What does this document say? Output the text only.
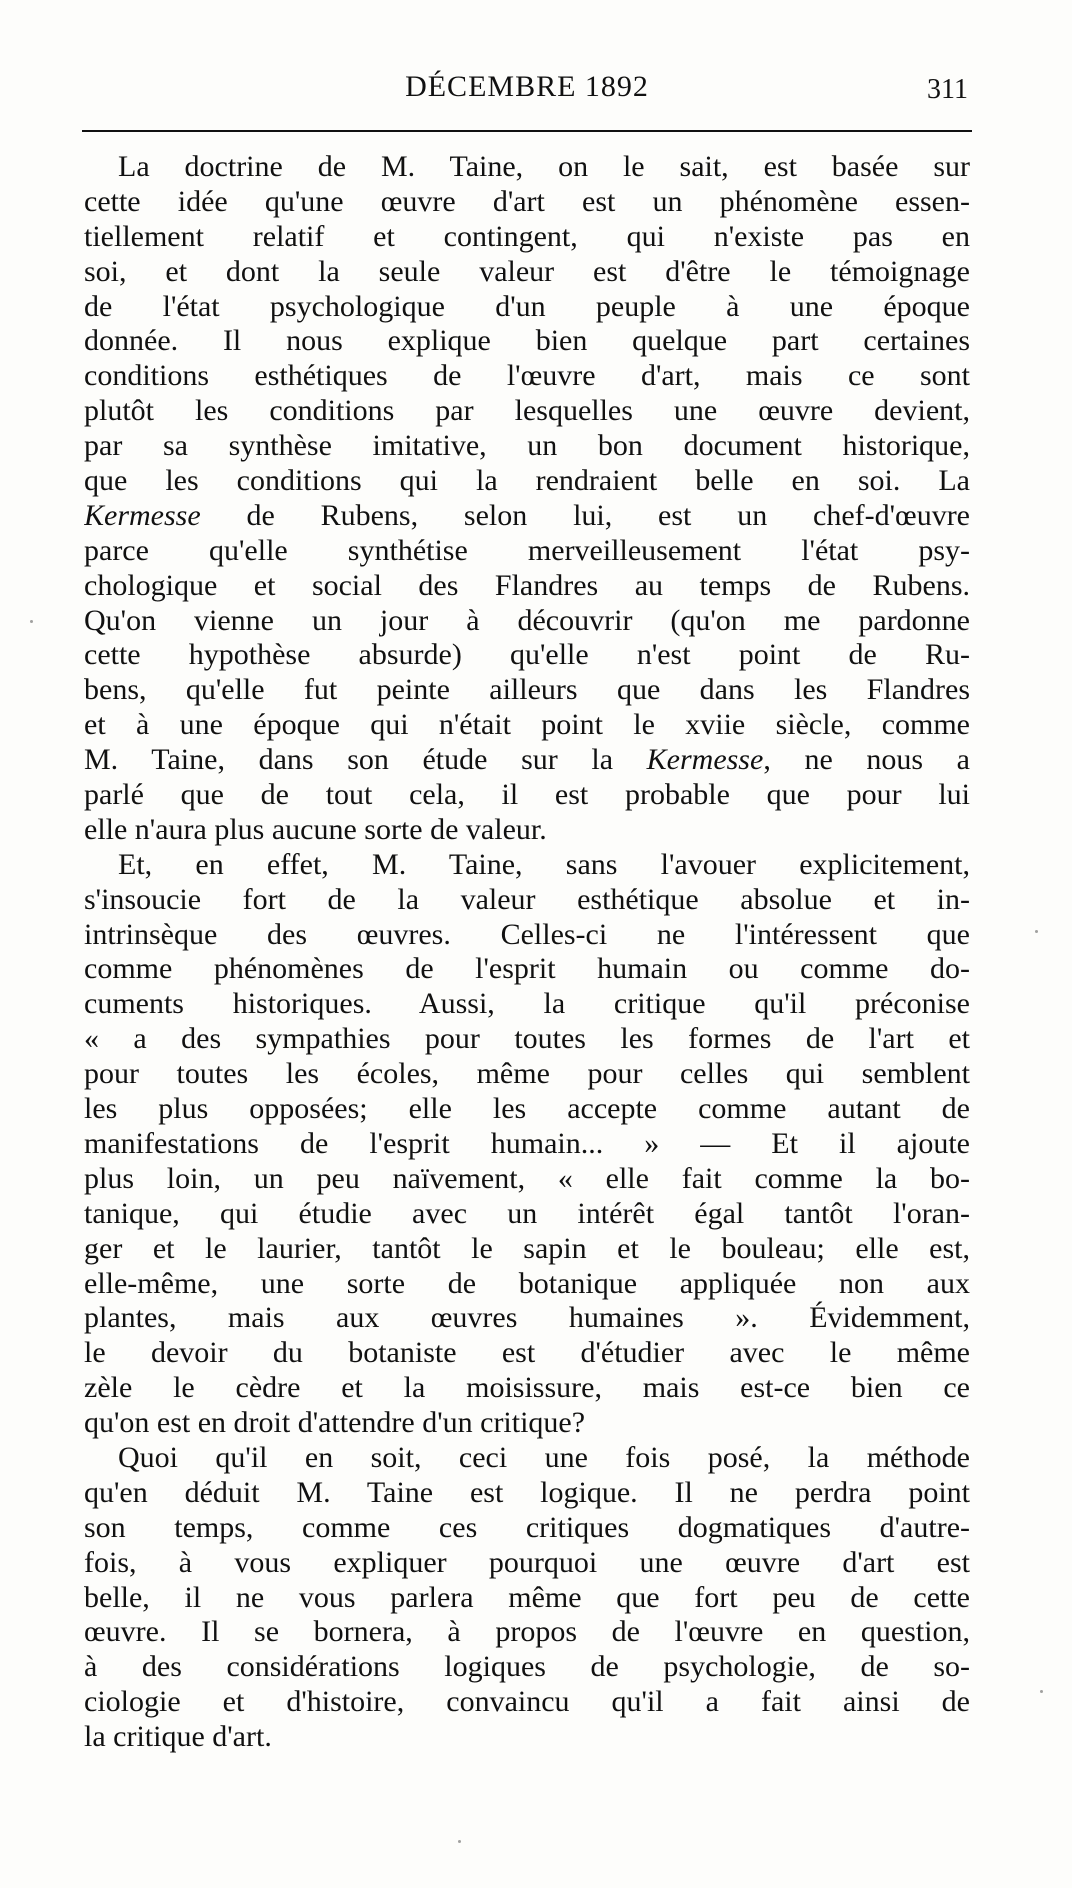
DÉCEMBRE 1892	311
La doctrine de M. Taine, on le sait, est basée sur
cette idée qu'une œuvre d'art est un phénomène essen-
tiellement relatif et contingent, qui n'existe pas en
soi, et dont la seule valeur est d'être le témoignage
de l'état psychologique d'un peuple à une époque
donnée. Il nous explique bien quelque part certaines
conditions esthétiques de l'œuvre d'art, mais ce sont
plutôt les conditions par lesquelles une œuvre devient,
par sa synthèse imitative, un bon document historique,
que les conditions qui la rendraient belle en soi. La
Kermesse de Rubens, selon lui, est un chef-d'œuvre
parce qu'elle synthétise merveilleusement l'état psy-
chologique et social des Flandres au temps de Rubens.
Qu'on vienne un jour à découvrir (qu'on me pardonne
cette hypothèse absurde) qu'elle n'est point de Ru-
bens, qu'elle fut peinte ailleurs que dans les Flandres
et à une époque qui n'était point le xviie siècle, comme
M. Taine, dans son étude sur la Kermesse, ne nous a
parlé que de tout cela, il est probable que pour lui
elle n'aura plus aucune sorte de valeur.
Et, en effet, M. Taine, sans l'avouer explicitement,
s'insoucie fort de la valeur esthétique absolue et in-
intrinsèque des œuvres. Celles-ci ne l'intéressent que
comme phénomènes de l'esprit humain ou comme do-
cuments historiques. Aussi, la critique qu'il préconise
« a des sympathies pour toutes les formes de l'art et
pour toutes les écoles, même pour celles qui semblent
les plus opposées; elle les accepte comme autant de
manifestations de l'esprit humain... » — Et il ajoute
plus loin, un peu naïvement, « elle fait comme la bo-
tanique, qui étudie avec un intérêt égal tantôt l'oran-
ger et le laurier, tantôt le sapin et le bouleau; elle est,
elle-même, une sorte de botanique appliquée non aux
plantes, mais aux œuvres humaines ». Évidemment,
le devoir du botaniste est d'étudier avec le même
zèle le cèdre et la moisissure, mais est-ce bien ce
qu'on est en droit d'attendre d'un critique?
Quoi qu'il en soit, ceci une fois posé, la méthode
qu'en déduit M. Taine est logique. Il ne perdra point
son temps, comme ces critiques dogmatiques d'autre-
fois, à vous expliquer pourquoi une œuvre d'art est
belle, il ne vous parlera même que fort peu de cette
œuvre. Il se bornera, à propos de l'œuvre en question,
à des considérations logiques de psychologie, de so-
ciologie et d'histoire, convaincu qu'il a fait ainsi de
la critique d'art.
